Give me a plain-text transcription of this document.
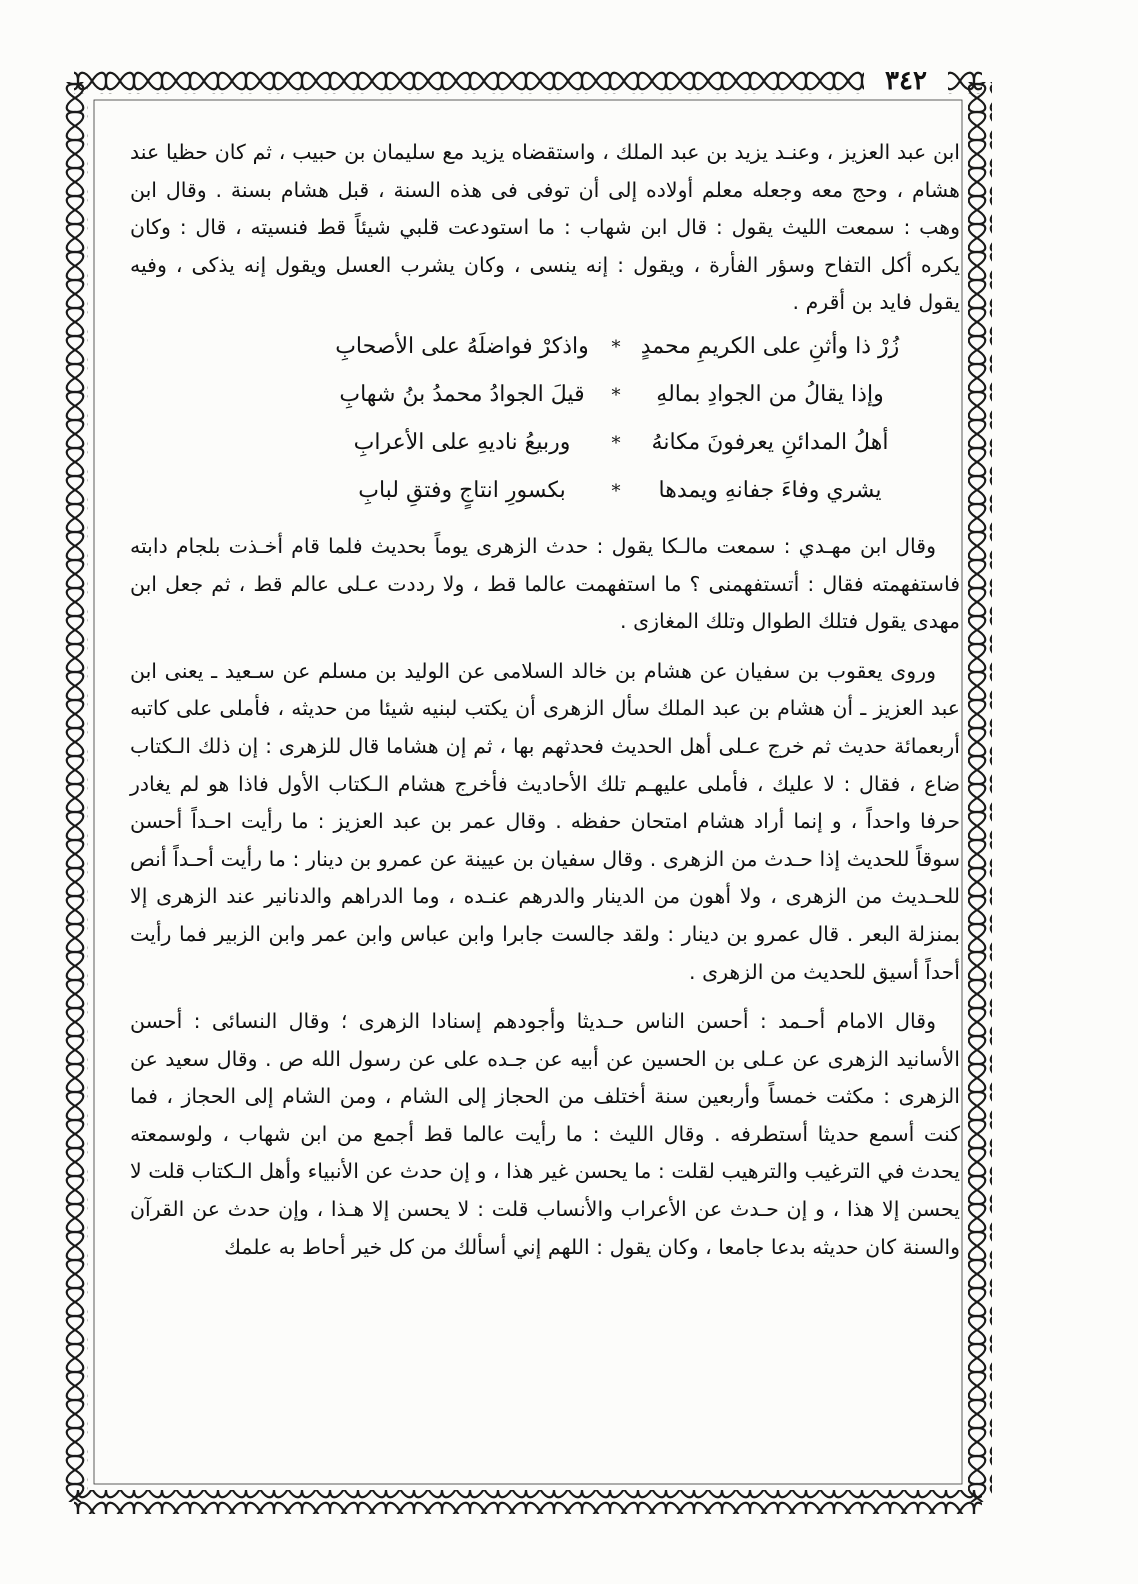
٣٤٢

ابن عبد العزيز ، وعنـد يزيد بن عبد الملك ، واستقضاه يزيد مع سليمان بن حبيب ، ثم كان حظيا عند هشام ، وحج معه وجعله معلم أولاده إلى أن توفى فى هذه السنة ، قبل هشام بسنة . وقال ابن وهب : سمعت الليث يقول : قال ابن شهاب : ما استودعت قلبي شيئاً قط فنسيته ، قال : وكان يكره أكل التفاح وسؤر الفأرة ، ويقول : إنه ينسى ، وكان يشرب العسل ويقول إنه يذكى ، وفيه يقول فايد بن أقرم .

زُرْ ذا وأثنِ على الكريمِ محمدٍ
*
واذكرْ فواضلَهُ على الأصحابِ
وإذا يقالُ من الجوادِ بمالهِ
*
قيلَ الجوادُ محمدُ بنُ شهابِ
أهلُ المدائنِ يعرفونَ مكانهُ
*
وربيعُ ناديهِ على الأعرابِ
يشري وفاءَ جفانهِ ويمدها
*
بكسورِ انتاجٍ وفتقِ لبابِ

وقال ابن مهـدي : سمعت مالـكا يقول : حدث الزهرى يوماً بحديث فلما قام أخـذت بلجام دابته فاستفهمته فقال : أتستفهمنى ؟ ما استفهمت عالما قط ، ولا رددت عـلى عالم قط ، ثم جعل ابن مهدى يقول فتلك الطوال وتلك المغازى .

وروى يعقوب بن سفيان عن هشام بن خالد السلامى عن الوليد بن مسلم عن سـعيد ـ يعنى ابن عبد العزيز ـ أن هشام بن عبد الملك سأل الزهرى أن يكتب لبنيه شيئا من حديثه ، فأملى على كاتبه أربعمائة حديث ثم خرج عـلى أهل الحديث فحدثهم بها ، ثم إن هشاما قال للزهرى : إن ذلك الـكتاب ضاع ، فقال : لا عليك ، فأملى عليهـم تلك الأحاديث فأخرج هشام الـكتاب الأول فاذا هو لم يغادر حرفا واحداً ، و إنما أراد هشام امتحان حفظه . وقال عمر بن عبد العزيز : ما رأيت احـداً أحسن سوقاً للحديث إذا حـدث من الزهرى . وقال سفيان بن عيينة عن عمرو بن دينار : ما رأيت أحـداً أنص للحـديث من الزهرى ، ولا أهون من الدينار والدرهم عنـده ، وما الدراهم والدنانير عند الزهرى إلا بمنزلة البعر . قال عمرو بن دينار : ولقد جالست جابرا وابن عباس وابن عمر وابن الزبير فما رأيت أحداً أسيق للحديث من الزهرى .

وقال الامام أحـمد : أحسن الناس حـديثا وأجودهم إسنادا الزهرى ؛ وقال النسائى : أحسن الأسانيد الزهرى عن عـلى بن الحسين عن أبيه عن جـده على عن رسول الله ص . وقال سعيد عن الزهرى : مكثت خمساً وأربعين سنة أختلف من الحجاز إلى الشام ، ومن الشام إلى الحجاز ، فما كنت أسمع حديثا أستطرفه . وقال الليث : ما رأيت عالما قط أجمع من ابن شهاب ، ولوسمعته يحدث في الترغيب والترهيب لقلت : ما يحسن غير هذا ، و إن حدث عن الأنبياء وأهل الـكتاب قلت لا يحسن إلا هذا ، و إن حـدث عن الأعراب والأنساب قلت : لا يحسن إلا هـذا ، وإن حدث عن القرآن والسنة كان حديثه بدعا جامعا ، وكان يقول : اللهم إني أسألك من كل خير أحاط به علمك
